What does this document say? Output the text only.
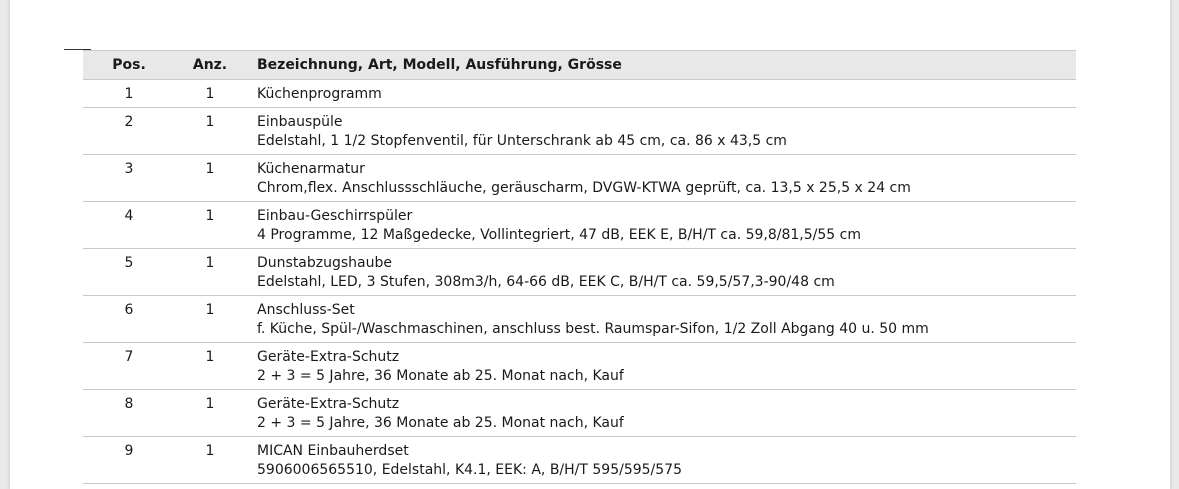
Pos.	Anz.	Bezeichnung, Art, Modell, Ausführung, Grösse
1	1	Küchenprogramm
2	1	Einbauspüle
Edelstahl, 1 1/2 Stopfenventil, für Unterschrank ab 45 cm, ca. 86 x 43,5 cm
3	1	Küchenarmatur
Chrom,flex. Anschlussschläuche, geräuscharm, DVGW-KTWA geprüft, ca. 13,5 x 25,5 x 24 cm
4	1	Einbau-Geschirrspüler
4 Programme, 12 Maßgedecke, Vollintegriert, 47 dB, EEK E, B/H/T ca. 59,8/81,5/55 cm
5	1	Dunstabzugshaube
Edelstahl, LED, 3 Stufen, 308m3/h, 64-66 dB, EEK C, B/H/T ca. 59,5/57,3-90/48 cm
6	1	Anschluss-Set
f. Küche, Spül-/Waschmaschinen, anschluss best. Raumspar-Sifon, 1/2 Zoll Abgang 40 u. 50 mm
7	1	Geräte-Extra-Schutz
2 + 3 = 5 Jahre, 36 Monate ab 25. Monat nach, Kauf
8	1	Geräte-Extra-Schutz
2 + 3 = 5 Jahre, 36 Monate ab 25. Monat nach, Kauf
9	1	MICAN Einbauherdset
5906006565510, Edelstahl, K4.1, EEK: A, B/H/T 595/595/575
